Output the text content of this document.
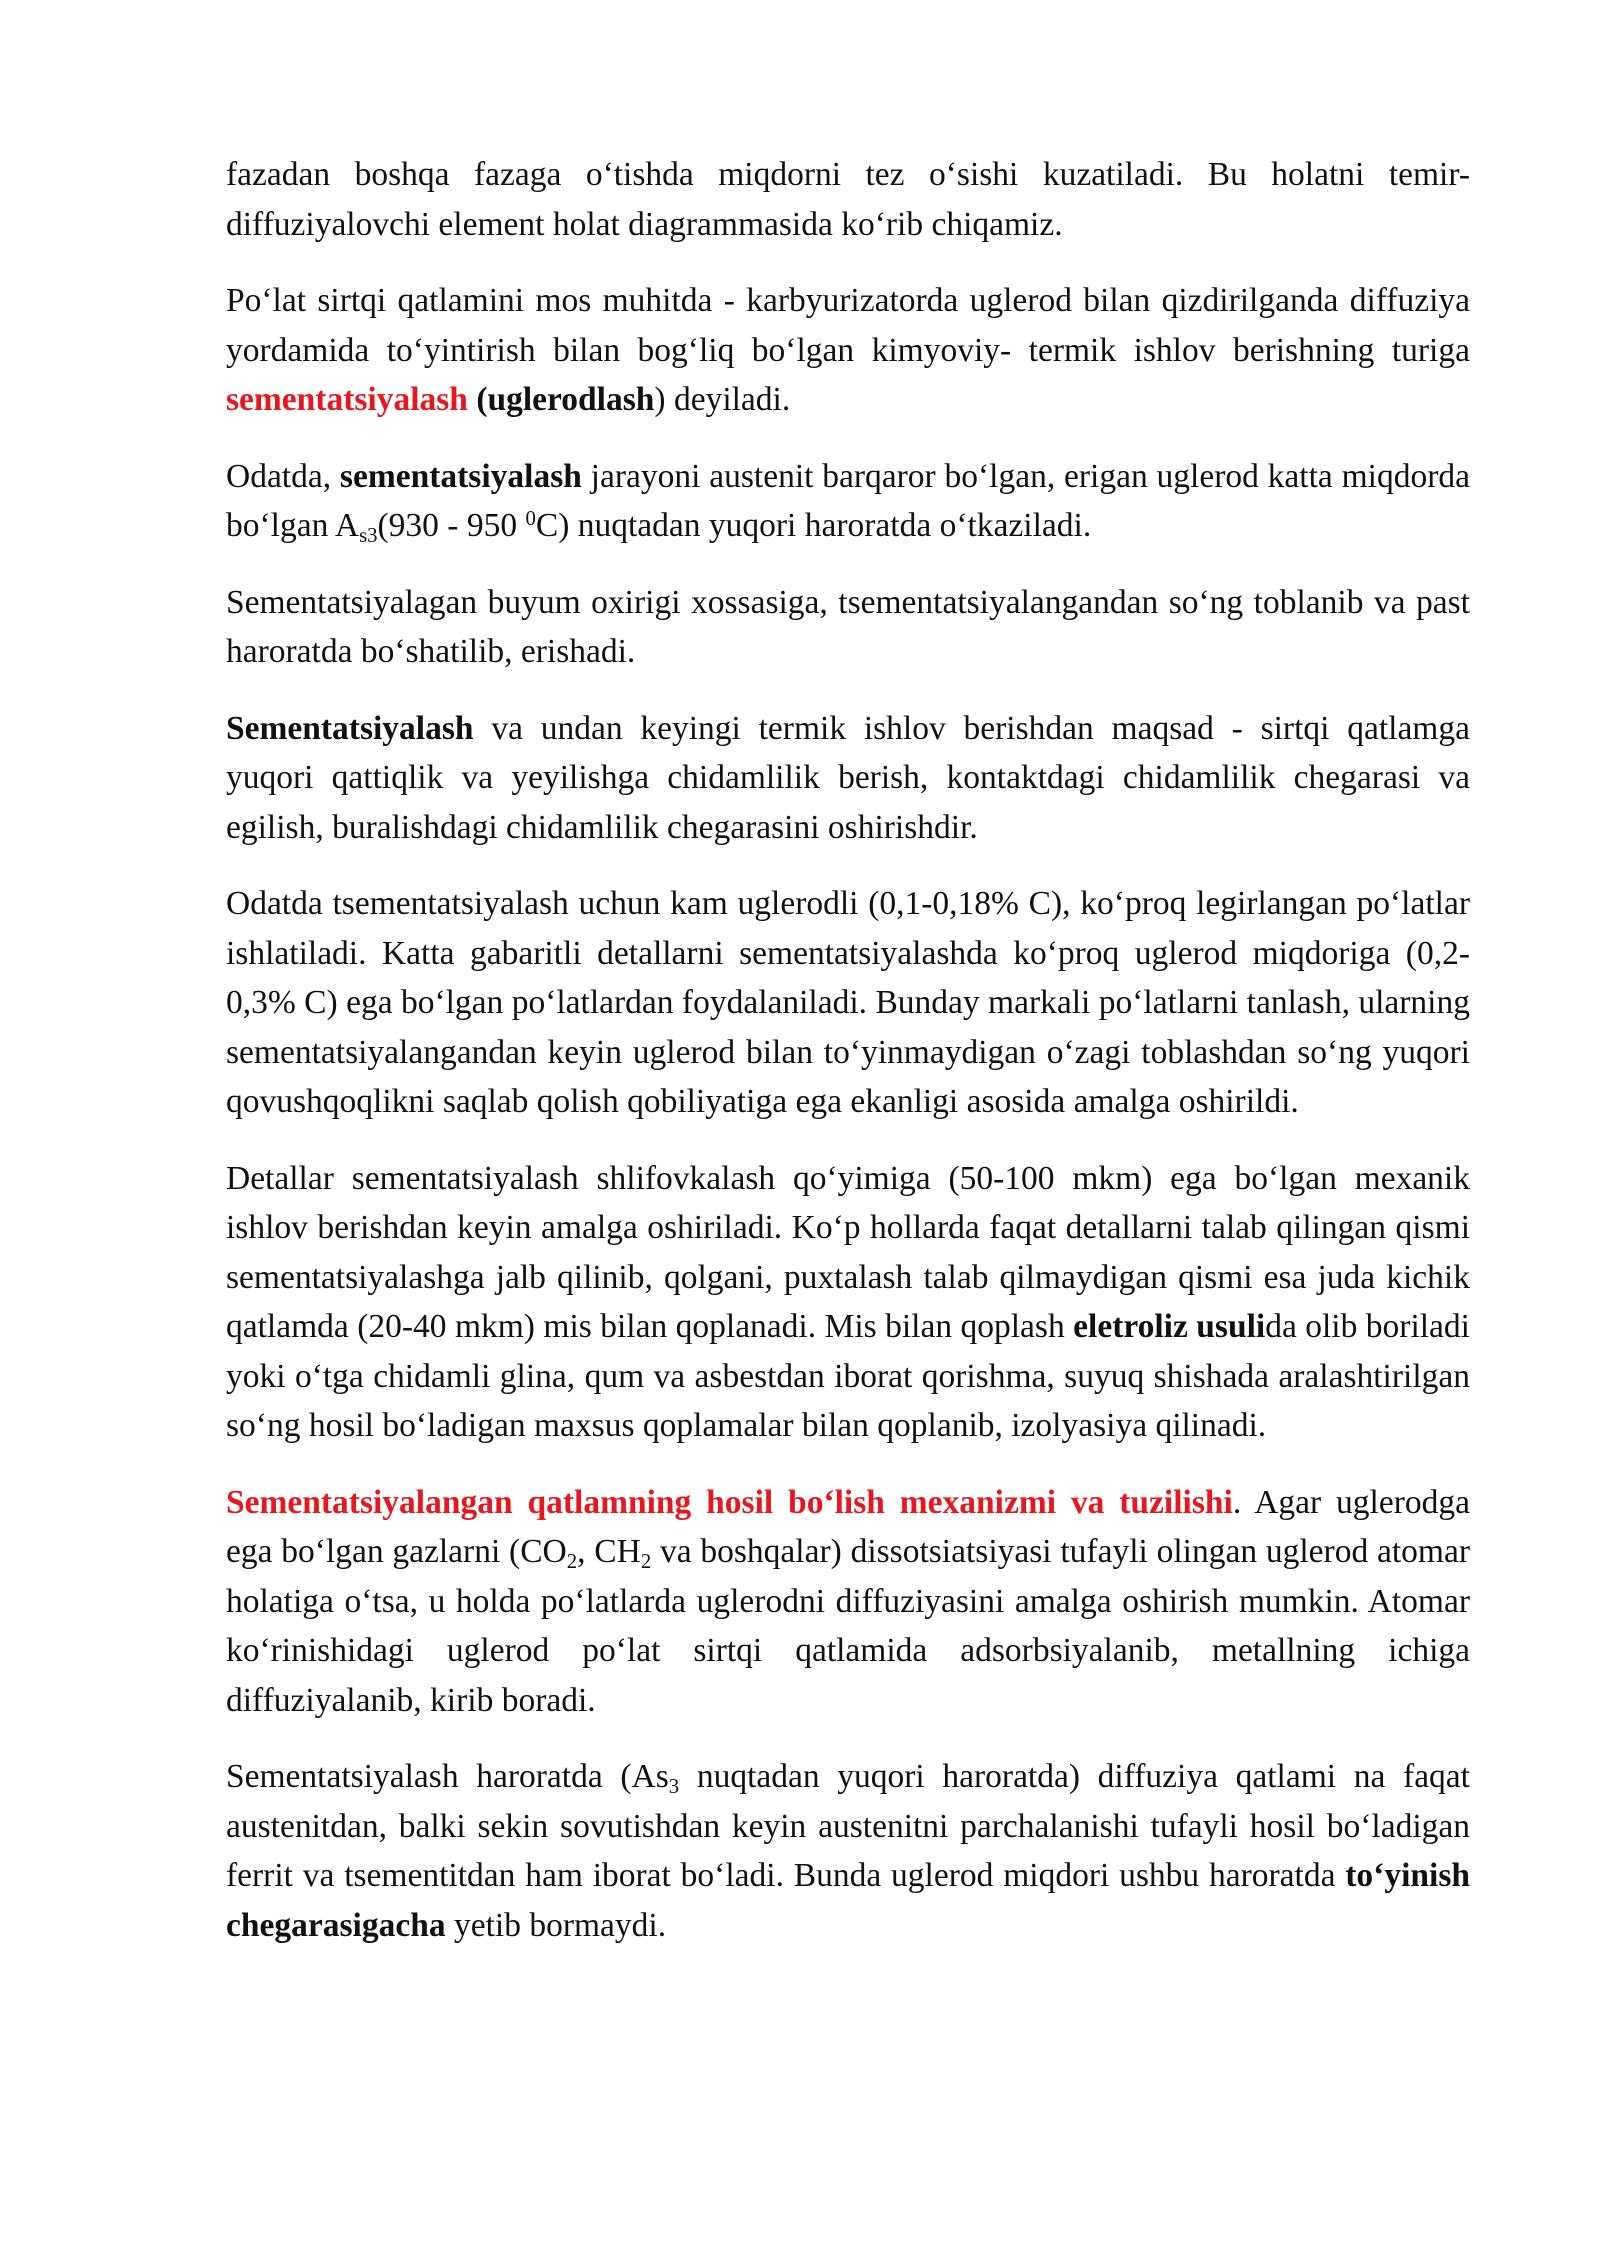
fazadan boshqa fazaga o‘tishda miqdorni tez o‘sishi kuzatiladi. Bu holatni temir-diffuziyalovchi element holat diagrammasida ko‘rib chiqamiz.

Po‘lat sirtqi qatlamini mos muhitda - karbyurizatorda uglerod bilan qizdirilganda diffuziya yordamida to‘yintirish bilan bog‘liq bo‘lgan kimyoviy- termik ishlov berishning turiga sementatsiyalash (uglerodlash) deyiladi.

Odatda, sementatsiyalash jarayoni austenit barqaror bo‘lgan, erigan uglerod katta miqdorda bo‘lgan $A_{s3}(930 - 950$ $^0$C) nuqtadan yuqori haroratda o‘tkaziladi.

Sementatsiyalagan buyum oxirigi xossasiga, tsementatsiyalangandan so‘ng toblanib va past haroratda bo‘shatilib, erishadi.

Sementatsiyalash va undan keyingi termik ishlov berishdan maqsad - sirtqi qatlamga yuqori qattiqlik va yeyilishga chidamlilik berish, kontaktdagi chidamlilik chegarasi va egilish, buralishdagi chidamlilik chegarasini oshirishdir.

Odatda tsementatsiyalash uchun kam uglerodli (0,1-0,18% C), ko‘proq legirlangan po‘latlar ishlatiladi. Katta gabaritli detallarni sementatsiyalashda ko‘proq uglerod miqdoriga (0,2-0,3% C) ega bo‘lgan po‘latlardan foydalaniladi. Bunday markali po‘latlarni tanlash, ularning sementatsiyalangandan keyin uglerod bilan to‘yinmaydigan o‘zagi toblashdan so‘ng yuqori qovushqoqlikni saqlab qolish qobiliyatiga ega ekanligi asosida amalga oshirildi.

Detallar sementatsiyalash shlifovkalash qo‘yimiga (50-100 mkm) ega bo‘lgan mexanik ishlov berishdan keyin amalga oshiriladi. Ko‘p hollarda faqat detallarni talab qilingan qismi sementatsiyalashga jalb qilinib, qolgani, puxtalash talab qilmaydigan qismi esa juda kichik qatlamda (20-40 mkm) mis bilan qoplanadi. Mis bilan qoplash eletroliz usulida olib boriladi yoki o‘tga chidamli glina, qum va asbestdan iborat qorishma, suyuq shishada aralashtirilgan so‘ng hosil bo‘ladigan maxsus qoplamalar bilan qoplanib, izolyasiya qilinadi.

Sementatsiyalangan qatlamning hosil bo‘lish mexanizmi va tuzilishi. Agar uglerodga ega bo‘lgan gazlarni ($CO_2$, $CH_2$ va boshqalar) dissotsiatsiyasi tufayli olingan uglerod atomar holatiga o‘tsa, u holda po‘latlarda uglerodni diffuziyasini amalga oshirish mumkin. Atomar ko‘rinishidagi uglerod po‘lat sirtqi qatlamida adsorbsiyalanib, metallning ichiga diffuziyalanib, kirib boradi.

Sementatsiyalash haroratda ($As_3$ nuqtadan yuqori haroratda) diffuziya qatlami na faqat austenitdan, balki sekin sovutishdan keyin austenitni parchalanishi tufayli hosil bo‘ladigan ferrit va tsementitdan ham iborat bo‘ladi. Bunda uglerod miqdori ushbu haroratda to‘yinish chegarasigacha yetib bormaydi.
